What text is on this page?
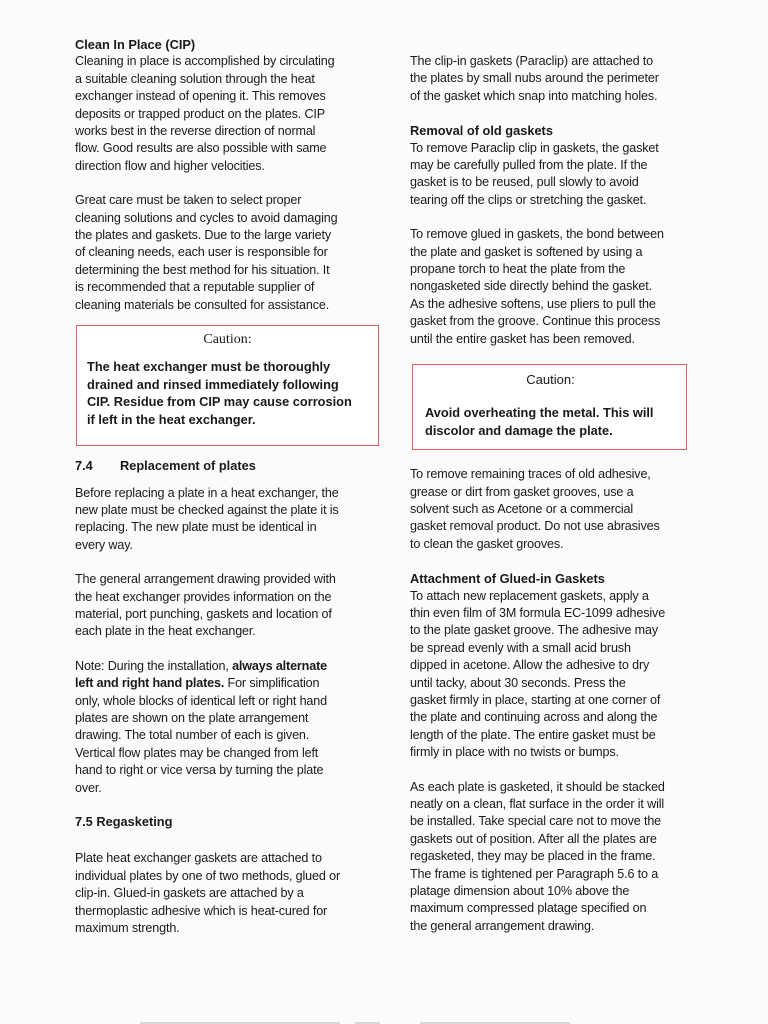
Clean In Place (CIP)

Cleaning in place is accomplished by circulating

a suitable cleaning solution through the heat

exchanger instead of opening it. This removes

deposits or trapped product on the plates. CIP

works best in the reverse direction of normal

flow. Good results are also possible with same

direction flow and higher velocities.

Great care must be taken to select proper

cleaning solutions and cycles to avoid damaging

the plates and gaskets. Due to the large variety

of cleaning needs, each user is responsible for

determining the best method for his situation. It

is recommended that a reputable supplier of

cleaning materials be consulted for assistance.

Caution:

The heat exchanger must be thoroughly

drained and rinsed immediately following

CIP. Residue from CIP may cause corrosion

if left in the heat exchanger.

7.4 Replacement of plates

Before replacing a plate in a heat exchanger, the

new plate must be checked against the plate it is

replacing. The new plate must be identical in

every way.

The general arrangement drawing provided with

the heat exchanger provides information on the

material, port punching, gaskets and location of

each plate in the heat exchanger.

Note: During the installation, always alternate

left and right hand plates. For simplification

only, whole blocks of identical left or right hand

plates are shown on the plate arrangement

drawing. The total number of each is given.

Vertical flow plates may be changed from left

hand to right or vice versa by turning the plate

over.

7.5 Regasketing

Plate heat exchanger gaskets are attached to

individual plates by one of two methods, glued or

clip-in. Glued-in gaskets are attached by a

thermoplastic adhesive which is heat-cured for

maximum strength.

The clip-in gaskets (Paraclip) are attached to

the plates by small nubs around the perimeter

of the gasket which snap into matching holes.

Removal of old gaskets

To remove Paraclip clip in gaskets, the gasket

may be carefully pulled from the plate. If the

gasket is to be reused, pull slowly to avoid

tearing off the clips or stretching the gasket.

To remove glued in gaskets, the bond between

the plate and gasket is softened by using a

propane torch to heat the plate from the

nongasketed side directly behind the gasket.

As the adhesive softens, use pliers to pull the

gasket from the groove. Continue this process

until the entire gasket has been removed.

Caution:

Avoid overheating the metal. This will

discolor and damage the plate.

To remove remaining traces of old adhesive,

grease or dirt from gasket grooves, use a

solvent such as Acetone or a commercial

gasket removal product. Do not use abrasives

to clean the gasket grooves.

Attachment of Glued-in Gaskets

To attach new replacement gaskets, apply a

thin even film of 3M formula EC-1099 adhesive

to the plate gasket groove. The adhesive may

be spread evenly with a small acid brush

dipped in acetone. Allow the adhesive to dry

until tacky, about 30 seconds. Press the

gasket firmly in place, starting at one corner of

the plate and continuing across and along the

length of the plate. The entire gasket must be

firmly in place with no twists or bumps.

As each plate is gasketed, it should be stacked

neatly on a clean, flat surface in the order it will

be installed. Take special care not to move the

gaskets out of position. After all the plates are

regasketed, they may be placed in the frame.

The frame is tightened per Paragraph 5.6 to a

platage dimension about 10% above the

maximum compressed platage specified on

the general arrangement drawing.
